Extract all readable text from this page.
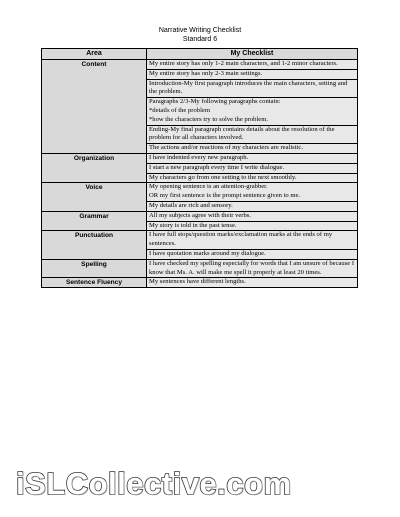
Narrative Writing Checklist
Standard 6
Area	My Checklist
Content	My entire story has only 1-2 main characters, and 1-2 minor characters.
	My entire story has only 2-3 main settings.
	Introduction-My first paragraph introduces the main characters, setting and the problem.
	Paragraphs 2/3-My following paragraphs contain:
*details of the problem
*how the characters try to solve the problem.
	Ending-My final paragraph contains details about the resolution of the problem for all characters involved.
	The actions and/or reactions of my characters are realistic.
Organization	I have indented every new paragraph.
	I start a new paragraph every time I write dialogue.
	My characters go from one setting to the next smoothly.
Voice	My opening sentence is an attention-grabber.
OR my first sentence is the prompt sentence given to me.
	My details are rich and sensory.
Grammar	All my subjects agree with their verbs.
	My story is told in the past tense.
Punctuation	I have full stops/question marks/exclamation marks at the ends of my sentences.
	I have quotation marks around my dialogue.
Spelling	I have checked my spelling especially for words that I am unsure of because I know that Ms. A. will make me spell it properly at least 20 times.
Sentence Fluency	My sentences have different lengths.
iSLCollective.com
